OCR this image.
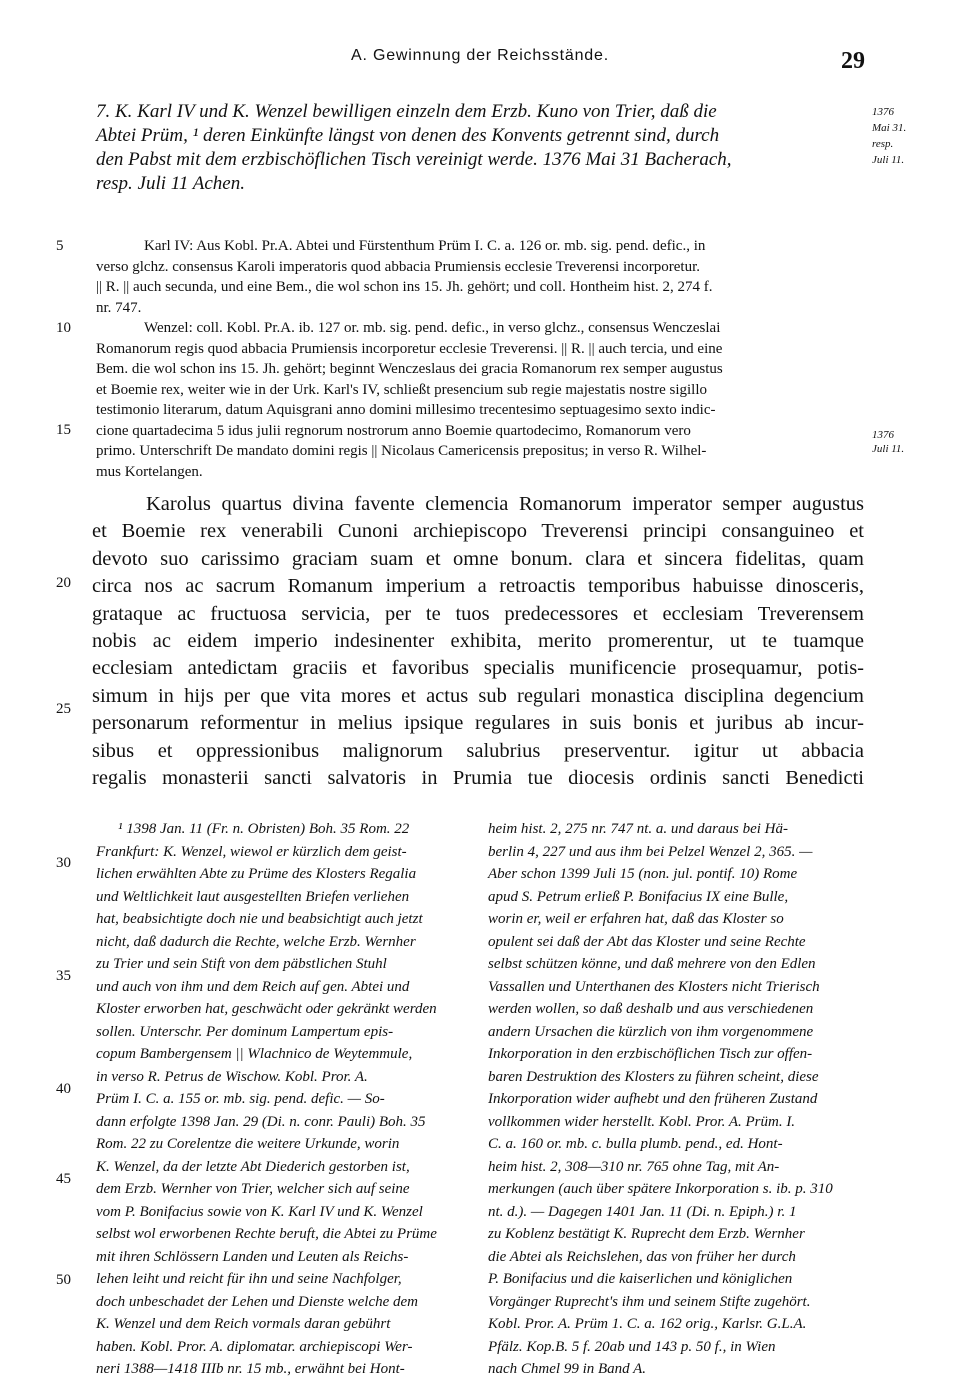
A. Gewinnung der Reichsstände.	29
7. K. Karl IV und K. Wenzel bewilligen einzeln dem Erzb. Kuno von Trier, daß die
Abtei Prüm, ¹ deren Einkünfte längst von denen des Konvents getrennt sind, durch
den Pabst mit dem erzbischöflichen Tisch vereinigt werde. 1376 Mai 31 Bacherach,
resp. Juli 11 Achen.
1376
Mai 31.
resp.
Juli 11.
Karl IV: Aus Kobl. Pr.A. Abtei und Fürstenthum Prüm I. C. a. 126 or. mb. sig. pend. defic., in
verso glchz. consensus Karoli imperatoris quod abbacia Prumiensis ecclesie Treverensi incorporetur.
|| R. || auch secunda, und eine Bem., die wol schon ins 15. Jh. gehört; und coll. Hontheim hist. 2, 274 f.
nr. 747.
Wenzel: coll. Kobl. Pr.A. ib. 127 or. mb. sig. pend. defic., in verso glchz., consensus Wenczeslai
Romanorum regis quod abbacia Prumiensis incorporetur ecclesie Treverensi. || R. || auch tercia, und eine
Bem. die wol schon ins 15. Jh. gehört; beginnt Wenczeslaus dei gracia Romanorum rex semper augustus
et Boemie rex, weiter wie in der Urk. Karl's IV, schließt presencium sub regie majestatis nostre sigillo
testimonio literarum, datum Aquisgrani anno domini millesimo trecentesimo septuagesimo sexto indic-
cione quartadecima 5 idus julii regnorum nostrorum anno Boemie quartodecimo, Romanorum vero
primo. Unterschrift De mandato domini regis || Nicolaus Camericensis prepositus; in verso R. Wilhel-
mus Kortelangen.
1376
Juli 11.
5
10
15
20
25
30
35
40
45
50
Karolus quartus divina favente clemencia Romanorum imperator semper augustus
et Boemie rex venerabili Cunoni archiepiscopo Treverensi principi consanguineo et
devoto suo carissimo graciam suam et omne bonum. clara et sincera fidelitas, quam
circa nos ac sacrum Romanum imperium a retroactis temporibus habuisse dinosceris,
grataque ac fructuosa servicia, per te tuos predecessores et ecclesiam Treverensem
nobis ac eidem imperio indesinenter exhibita, merito promerentur, ut te tuamque
ecclesiam antedictam graciis et favoribus specialis munificencie prosequamur, potis-
simum in hijs per que vita mores et actus sub regulari monastica disciplina degencium
personarum reformentur in melius ipsique regulares in suis bonis et juribus ab incur-
sibus et oppressionibus malignorum salubrius preserventur. igitur ut abbacia
regalis monasterii sancti salvatoris in Prumia tue diocesis ordinis sancti Benedicti
¹ 1398 Jan. 11 (Fr. n. Obristen) Boh. 35 Rom. 22
Frankfurt: K. Wenzel, wiewol er kürzlich dem geist-
lichen erwählten Abte zu Prüme des Klosters Regalia
und Weltlichkeit laut ausgestellten Briefen verliehen
hat, beabsichtigte doch nie und beabsichtigt auch jetzt
nicht, daß dadurch die Rechte, welche Erzb. Wernher
zu Trier und sein Stift von dem päbstlichen Stuhl
und auch von ihm und dem Reich auf gen. Abtei und
Kloster erworben hat, geschwächt oder gekränkt werden
sollen. Unterschr. Per dominum Lampertum epis-
copum Bambergensem || Wlachnico de Weytemmule,
in verso R. Petrus de Wischow. Kobl. Pror. A.
Prüm I. C. a. 155 or. mb. sig. pend. defic. — So-
dann erfolgte 1398 Jan. 29 (Di. n. conr. Pauli) Boh. 35
Rom. 22 zu Corelentze die weitere Urkunde, worin
K. Wenzel, da der letzte Abt Diederich gestorben ist,
dem Erzb. Wernher von Trier, welcher sich auf seine
vom P. Bonifacius sowie von K. Karl IV und K. Wenzel
selbst wol erworbenen Rechte beruft, die Abtei zu Prüme
mit ihren Schlössern Landen und Leuten als Reichs-
lehen leiht und reicht für ihn und seine Nachfolger,
doch unbeschadet der Lehen und Dienste welche dem
K. Wenzel und dem Reich vormals daran gebührt
haben. Kobl. Pror. A. diplomatar. archiepiscopi Wer-
neri 1388—1418 IIIb nr. 15 mb., erwähnt bei Hont-
heim hist. 2, 275 nr. 747 nt. a. und daraus bei Hä-
berlin 4, 227 und aus ihm bei Pelzel Wenzel 2, 365. —
Aber schon 1399 Juli 15 (non. jul. pontif. 10) Rome
apud S. Petrum erließ P. Bonifacius IX eine Bulle,
worin er, weil er erfahren hat, daß das Kloster so
opulent sei daß der Abt das Kloster und seine Rechte
selbst schützen könne, und daß mehrere von den Edlen
Vassallen und Unterthanen des Klosters nicht Trierisch
werden wollen, so daß deshalb und aus verschiedenen
andern Ursachen die kürzlich von ihm vorgenommene
Inkorporation in den erzbischöflichen Tisch zur offen-
baren Destruktion des Klosters zu führen scheint, diese
Inkorporation wider aufhebt und den früheren Zustand
vollkommen wider herstellt. Kobl. Pror. A. Prüm. I.
C. a. 160 or. mb. c. bulla plumb. pend., ed. Hont-
heim hist. 2, 308—310 nr. 765 ohne Tag, mit An-
merkungen (auch über spätere Inkorporation s. ib. p. 310
nt. d.). — Dagegen 1401 Jan. 11 (Di. n. Epiph.) r. 1
zu Koblenz bestätigt K. Ruprecht dem Erzb. Wernher
die Abtei als Reichslehen, das von früher her durch
P. Bonifacius und die kaiserlichen und königlichen
Vorgänger Ruprecht's ihm und seinem Stifte zugehört.
Kobl. Pror. A. Prüm 1. C. a. 162 orig., Karlsr. G.L.A.
Pfälz. Kop.B. 5 f. 20ab und 143 p. 50 f., in Wien
nach Chmel 99 in Band A.
